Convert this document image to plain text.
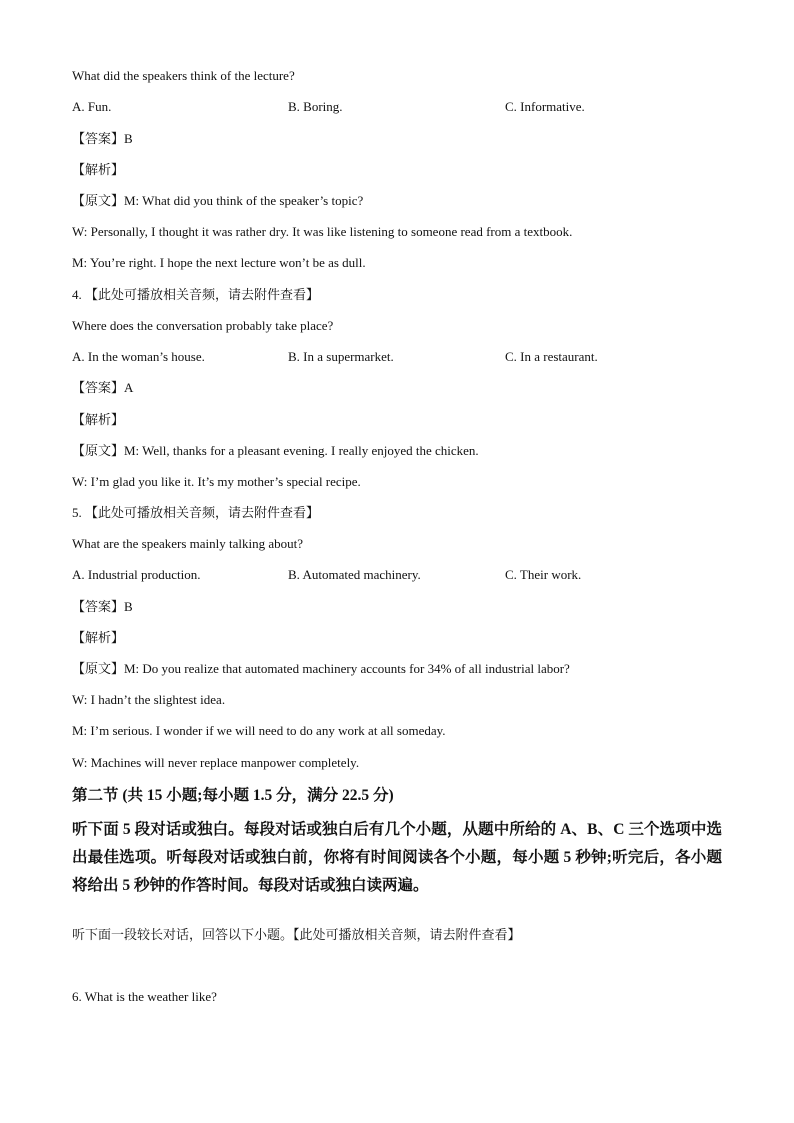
What did the speakers think of the lecture?
A. Fun.	B. Boring.	C. Informative.
【答案】B
【解析】
【原文】M: What did you think of the speaker’s topic?
W: Personally, I thought it was rather dry. It was like listening to someone read from a textbook.
M: You’re right. I hope the next lecture won’t be as dull.
4. 【此处可播放相关音频，请去附件查看】
Where does the conversation probably take place?
A. In the woman’s house.	B. In a supermarket.	C. In a restaurant.
【答案】A
【解析】
【原文】M: Well, thanks for a pleasant evening. I really enjoyed the chicken.
W: I’m glad you like it. It’s my mother’s special recipe.
5. 【此处可播放相关音频，请去附件查看】
What are the speakers mainly talking about?
A. Industrial production.	B. Automated machinery.	C. Their work.
【答案】B
【解析】
【原文】M: Do you realize that automated machinery accounts for 34% of all industrial labor?
W: I hadn’t the slightest idea.
M: I’m serious. I wonder if we will need to do any work at all someday.
W: Machines will never replace manpower completely.
第二节 (共 15 小题;每小题 1.5 分，满分 22.5 分)
听下面 5 段对话或独白。每段对话或独白后有几个小题，从题中所给的 A、B、C 三个选项中选出最佳选项。听每段对话或独白前，你将有时间阅读各个小题，每小题 5 秒钟;听完后，各小题将给出 5 秒钟的作答时间。每段对话或独白读两遍。
听下面一段较长对话，回答以下小题。【此处可播放相关音频，请去附件查看】
6. What is the weather like?
